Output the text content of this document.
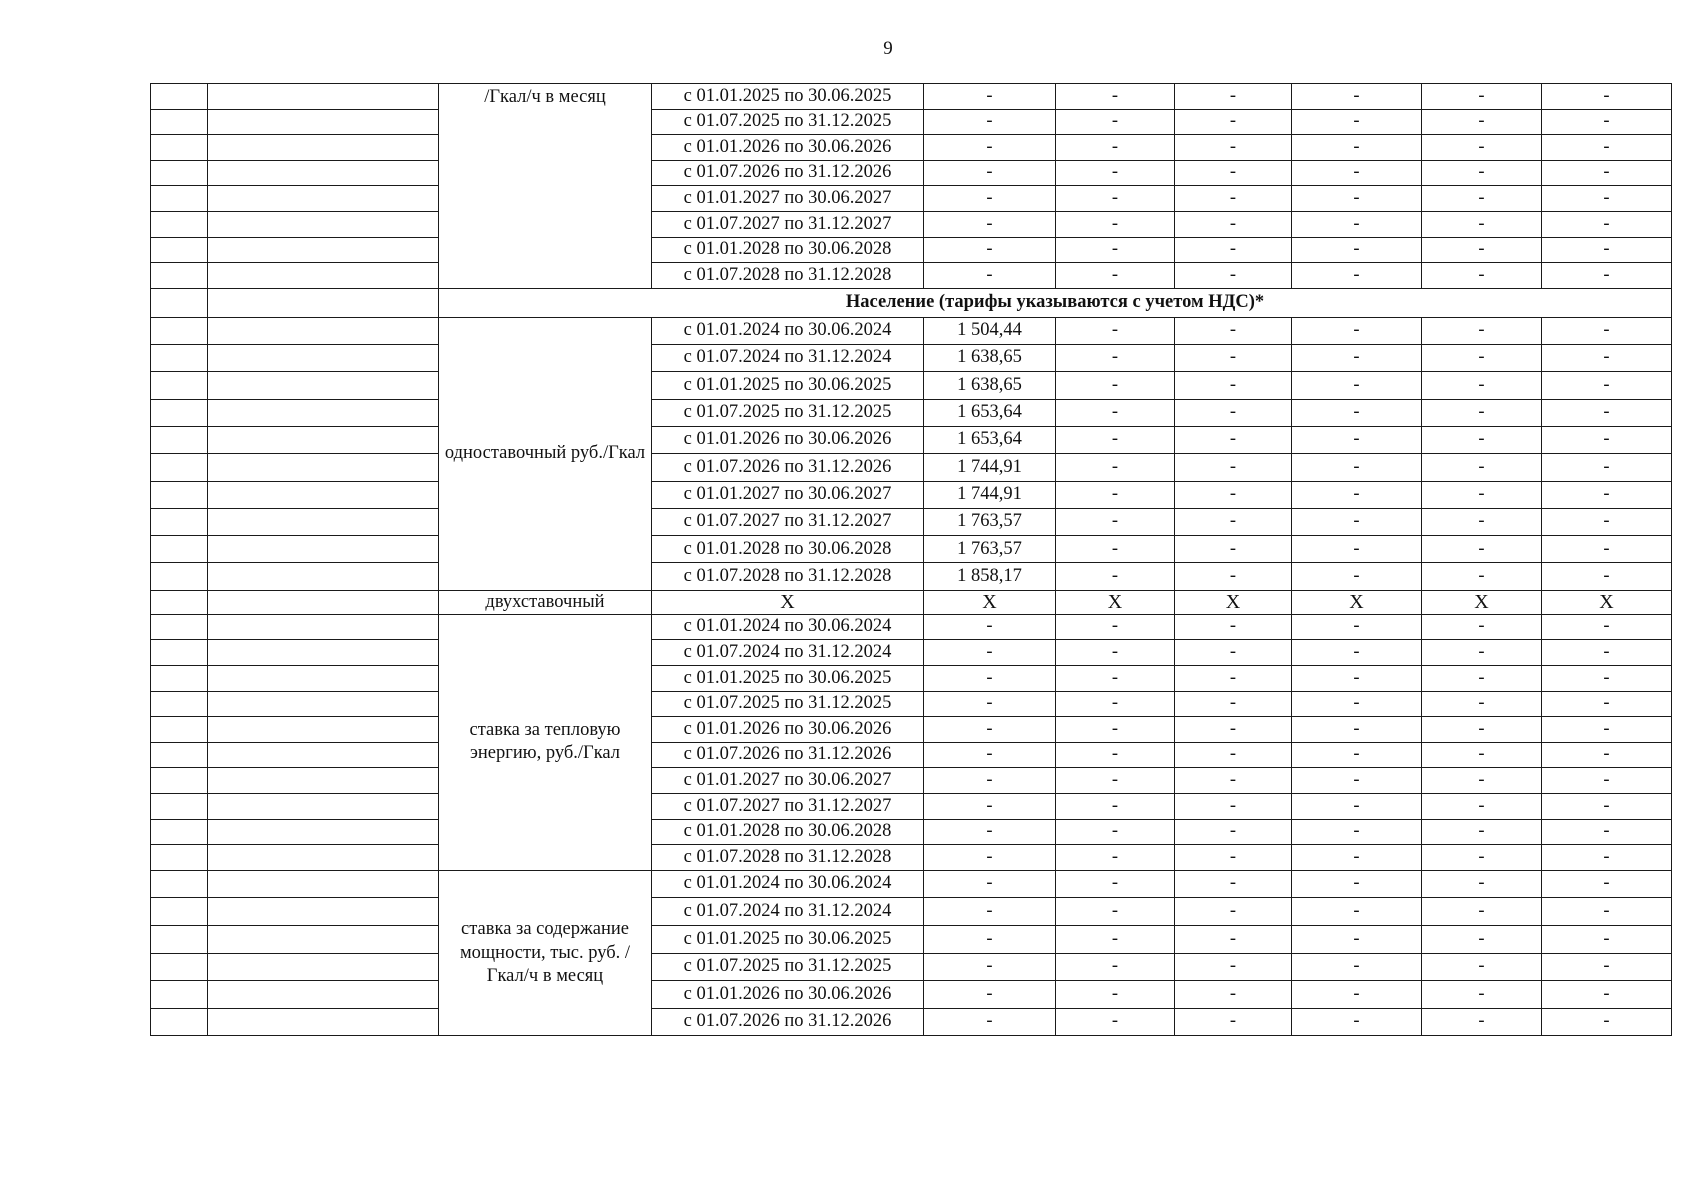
9
		/Гкал/ч в месяц	с 01.01.2025 по 30.06.2025	-	-	-	-	-	-
			с 01.07.2025 по 31.12.2025	-	-	-	-	-	-
			с 01.01.2026 по 30.06.2026	-	-	-	-	-	-
			с 01.07.2026 по 31.12.2026	-	-	-	-	-	-
			с 01.01.2027 по 30.06.2027	-	-	-	-	-	-
			с 01.07.2027 по 31.12.2027	-	-	-	-	-	-
			с 01.01.2028 по 30.06.2028	-	-	-	-	-	-
			с 01.07.2028 по 31.12.2028	-	-	-	-	-	-
		Население (тарифы указываются с учетом НДС)*							
		одноставочный руб./Гкал	с 01.01.2024 по 30.06.2024	1 504,44	-	-	-	-	-
			с 01.07.2024 по 31.12.2024	1 638,65	-	-	-	-	-
			с 01.01.2025 по 30.06.2025	1 638,65	-	-	-	-	-
			с 01.07.2025 по 31.12.2025	1 653,64	-	-	-	-	-
			с 01.01.2026 по 30.06.2026	1 653,64	-	-	-	-	-
			с 01.07.2026 по 31.12.2026	1 744,91	-	-	-	-	-
			с 01.01.2027 по 30.06.2027	1 744,91	-	-	-	-	-
			с 01.07.2027 по 31.12.2027	1 763,57	-	-	-	-	-
			с 01.01.2028 по 30.06.2028	1 763,57	-	-	-	-	-
			с 01.07.2028 по 31.12.2028	1 858,17	-	-	-	-	-
		двухставочный	X	X	X	X	X	X	X
		ставка за тепловую энергию, руб./Гкал	с 01.01.2024 по 30.06.2024	-	-	-	-	-	-
			с 01.07.2024 по 31.12.2024	-	-	-	-	-	-
			с 01.01.2025 по 30.06.2025	-	-	-	-	-	-
			с 01.07.2025 по 31.12.2025	-	-	-	-	-	-
			с 01.01.2026 по 30.06.2026	-	-	-	-	-	-
			с 01.07.2026 по 31.12.2026	-	-	-	-	-	-
			с 01.01.2027 по 30.06.2027	-	-	-	-	-	-
			с 01.07.2027 по 31.12.2027	-	-	-	-	-	-
			с 01.01.2028 по 30.06.2028	-	-	-	-	-	-
			с 01.07.2028 по 31.12.2028	-	-	-	-	-	-
		ставка за содержание мощности, тыс. руб. /Гкал/ч в месяц	с 01.01.2024 по 30.06.2024	-	-	-	-	-	-
			с 01.07.2024 по 31.12.2024	-	-	-	-	-	-
			с 01.01.2025 по 30.06.2025	-	-	-	-	-	-
			с 01.07.2025 по 31.12.2025	-	-	-	-	-	-
			с 01.01.2026 по 30.06.2026	-	-	-	-	-	-
			с 01.07.2026 по 31.12.2026	-	-	-	-	-	-
